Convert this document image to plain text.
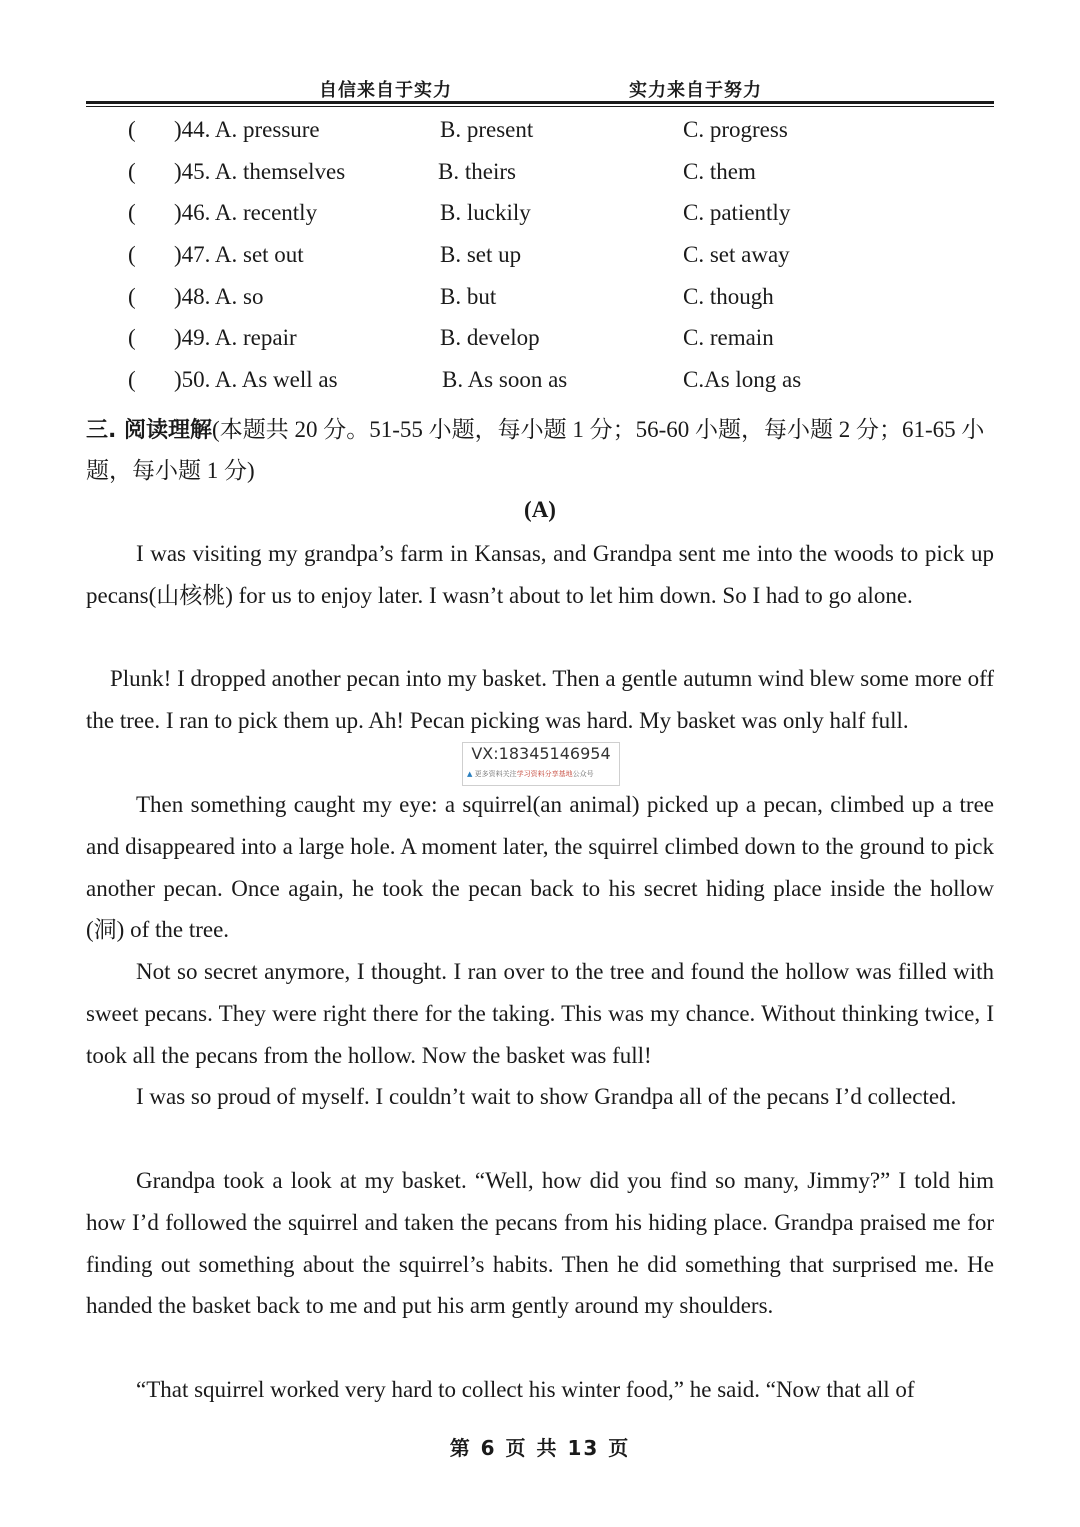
自信来自于实力	实力来自于努力
( )44. A. pressure	B. present	C. progress
( )45. A. themselves	B. theirs	C. them
( )46. A. recently	B. luckily	C. patiently
( )47. A. set out	B. set up	C. set away
( )48. A. so	B. but	C. though
( )49. A. repair	B. develop	C. remain
( )50. A. As well as	B. As soon as	C.As long as
三. 阅读理解(本题共 20 分。51-55 小题，每小题 1 分；56-60 小题，每小题 2 分；61-65 小题，每小题 1 分)
(A)
I was visiting my grandpa’s farm in Kansas, and Grandpa sent me into the woods to pick up pecans(山核桃) for us to enjoy later. I wasn’t about to let him down. So I had to go alone.
Plunk! I dropped another pecan into my basket. Then a gentle autumn wind blew some more off the tree. I ran to pick them up. Ah! Pecan picking was hard. My basket was only half full.
Then something caught my eye: a squirrel(an animal) picked up a pecan, climbed up a tree and disappeared into a large hole. A moment later, the squirrel climbed down to the ground to pick another pecan. Once again, he took the pecan back to his secret hiding place inside the hollow (洞) of the tree.
Not so secret anymore, I thought. I ran over to the tree and found the hollow was filled with sweet pecans. They were right there for the taking. This was my chance. Without thinking twice, I took all the pecans from the hollow. Now the basket was full!
I was so proud of myself. I couldn’t wait to show Grandpa all of the pecans I’d collected.
Grandpa took a look at my basket. “Well, how did you find so many, Jimmy?” I told him how I’d followed the squirrel and taken the pecans from his hiding place. Grandpa praised me for finding out something about the squirrel’s habits. Then he did something that surprised me. He handed the basket back to me and put his arm gently around my shoulders.
“That squirrel worked very hard to collect his winter food,” he said. “Now that all of
VX:18345146954
▲ 更多资料关注学习资料分享基地公众号
第 6 页 共 13 页
